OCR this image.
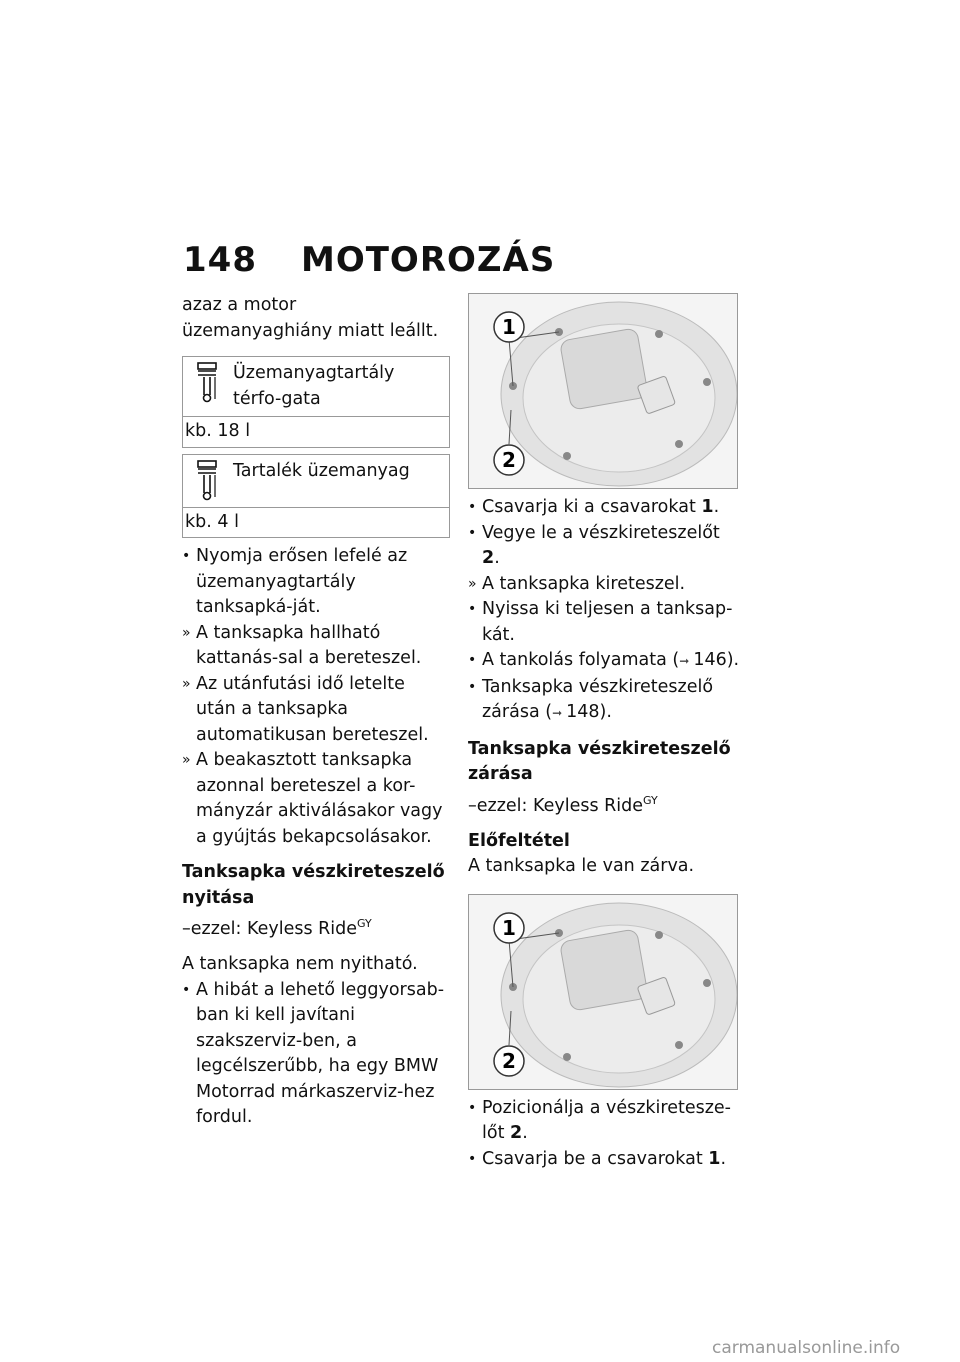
148 MOTOROZÁS

azaz a motor üzemanyaghiány miatt leállt.

Üzemanyagtartály térfo-gata
kb. 18 l
Tartalék üzemanyag
kb. 4 l
• Nyomja erősen lefelé az üzemanyagtartály tanksapká-ját.
» A tanksapka hallható kattanás-sal a bereteszel.
» Az utánfutási idő letelte után a tanksapka automatikusan bereteszel.
» A beakasztott tanksapka azonnal bereteszel a kor-mányzár aktiválásakor vagy a gyújtás bekapcsolásakor.

Tanksapka vészkireteszelő nyitása

–ezzel: Keyless Ride$^{GY}$

A tanksapka nem nyitható.

• A hibát a lehető leggyorsab-ban ki kell javítani szakszerviz-ben, a legcélszerűbb, ha egy BMW Motorrad márkaszerviz-hez fordul.
1
2
• Csavarja ki a csavarokat 1.
• Vegye le a vészkireteszelőt 2.
» A tanksapka kireteszel.
• Nyissa ki teljesen a tanksap-kát.
• A tankolás folyamata (➞ 146).
• Tanksapka vészkireteszelő zárása (➞ 148).

Tanksapka vészkireteszelő zárása

–ezzel: Keyless Ride$^{GY}$

Előfeltétel

A tanksapka le van zárva.

1
2
• Pozicionálja a vészkiretesze-lőt 2.
• Csavarja be a csavarokat 1.
carmanualsonline.info
